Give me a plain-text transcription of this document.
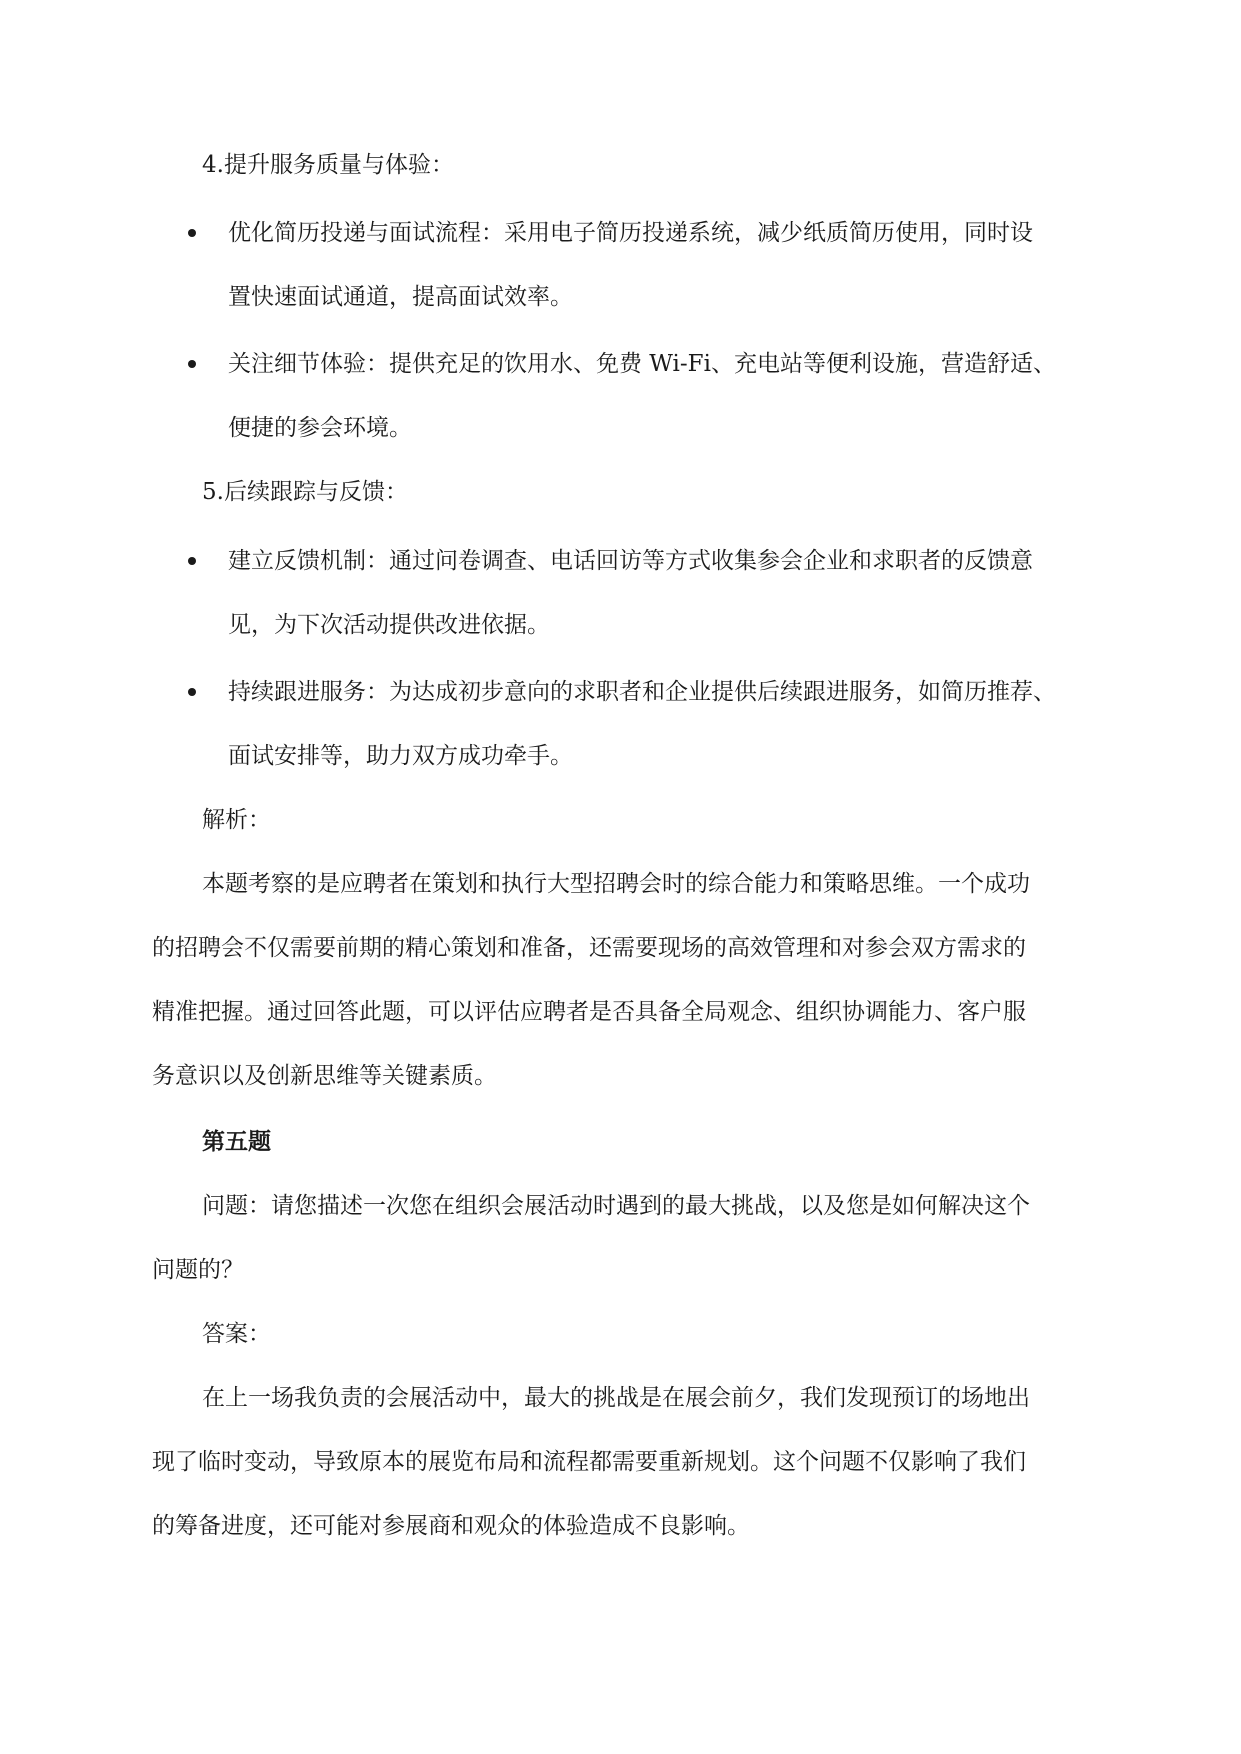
4.提升服务质量与体验：
优化简历投递与面试流程：采用电子简历投递系统，减少纸质简历使用，同时设
置快速面试通道，提高面试效率。
关注细节体验：提供充足的饮用水、免费 Wi-Fi、充电站等便利设施，营造舒适、
便捷的参会环境。
5.后续跟踪与反馈：
建立反馈机制：通过问卷调查、电话回访等方式收集参会企业和求职者的反馈意
见，为下次活动提供改进依据。
持续跟进服务：为达成初步意向的求职者和企业提供后续跟进服务，如简历推荐、
面试安排等，助力双方成功牵手。
解析：
本题考察的是应聘者在策划和执行大型招聘会时的综合能力和策略思维。一个成功
的招聘会不仅需要前期的精心策划和准备，还需要现场的高效管理和对参会双方需求的
精准把握。通过回答此题，可以评估应聘者是否具备全局观念、组织协调能力、客户服
务意识以及创新思维等关键素质。
第五题
问题：请您描述一次您在组织会展活动时遇到的最大挑战，以及您是如何解决这个
问题的？
答案：
在上一场我负责的会展活动中，最大的挑战是在展会前夕，我们发现预订的场地出
现了临时变动，导致原本的展览布局和流程都需要重新规划。这个问题不仅影响了我们
的筹备进度，还可能对参展商和观众的体验造成不良影响。
